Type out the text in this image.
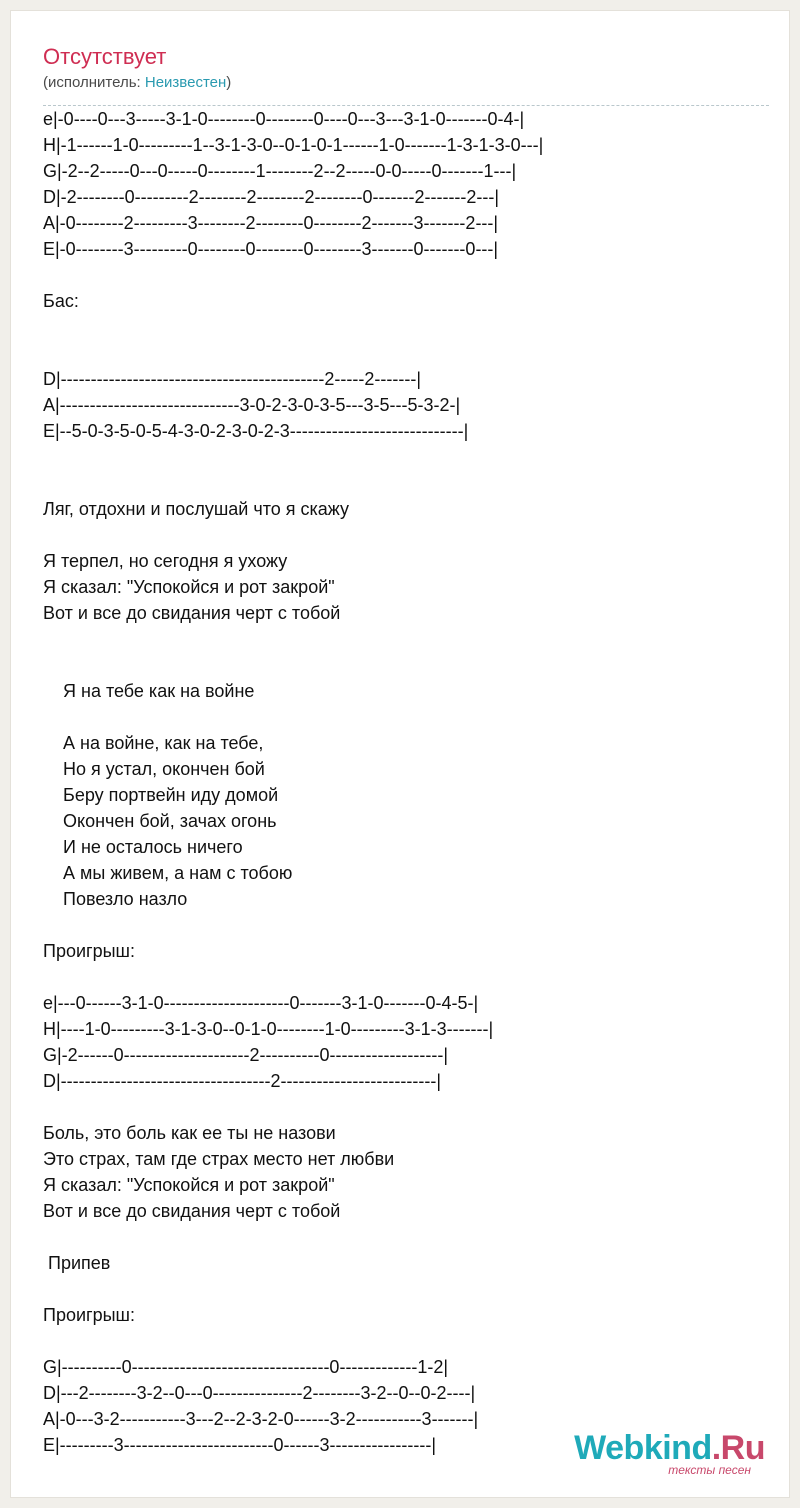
Отсутствует
(исполнитель: Неизвестен)
e|-0----0---3-----3-1-0--------0--------0----0---3---3-1-0-------0-4-|
H|-1------1-0---------1--3-1-3-0--0-1-0-1------1-0-------1-3-1-3-0---|
G|-2--2-----0---0-----0--------1--------2--2-----0-0-----0-------1---|
D|-2--------0---------2--------2--------2--------0-------2-------2---|
A|-0--------2---------3--------2--------0--------2-------3-------2---|
E|-0--------3---------0--------0--------0--------3-------0-------0---|

Бас:

D|--------------------------------------------2-----2-------|
A|------------------------------3-0-2-3-0-3-5---3-5---5-3-2-|
E|--5-0-3-5-0-5-4-3-0-2-3-0-2-3-----------------------------|

Ляг, отдохни и послушай что я скажу

Я терпел, но сегодня я ухожу
Я сказал: "Успокойся и рот закрой"
Вот и все до свидания черт с тобой

Я на тебе как на войне

А на войне, как на тебе,
Но я устал, окончен бой
Беру портвейн иду домой
Окончен бой, зачах огонь
И не осталось ничего
А мы живем, а нам с тобою
Повезло назло

Проигрыш:

e|---0------3-1-0---------------------0-------3-1-0-------0-4-5-|
H|----1-0---------3-1-3-0--0-1-0--------1-0---------3-1-3-------|
G|-2------0---------------------2----------0-------------------|
D|-----------------------------------2--------------------------|

Боль, это боль как ее ты не назови
Это страх, там где страх место нет любви
Я сказал: "Успокойся и рот закрой"
Вот и все до свидания черт с тобой

Припев

Проигрыш:

G|----------0---------------------------------0-------------1-2|
D|---2--------3-2--0---0---------------2--------3-2--0--0-2----|
A|-0---3-2-----------3---2--2-3-2-0------3-2-----------3-------|
E|---------3-------------------------0------3-----------------|	Webkind.Ru
тексты песен
